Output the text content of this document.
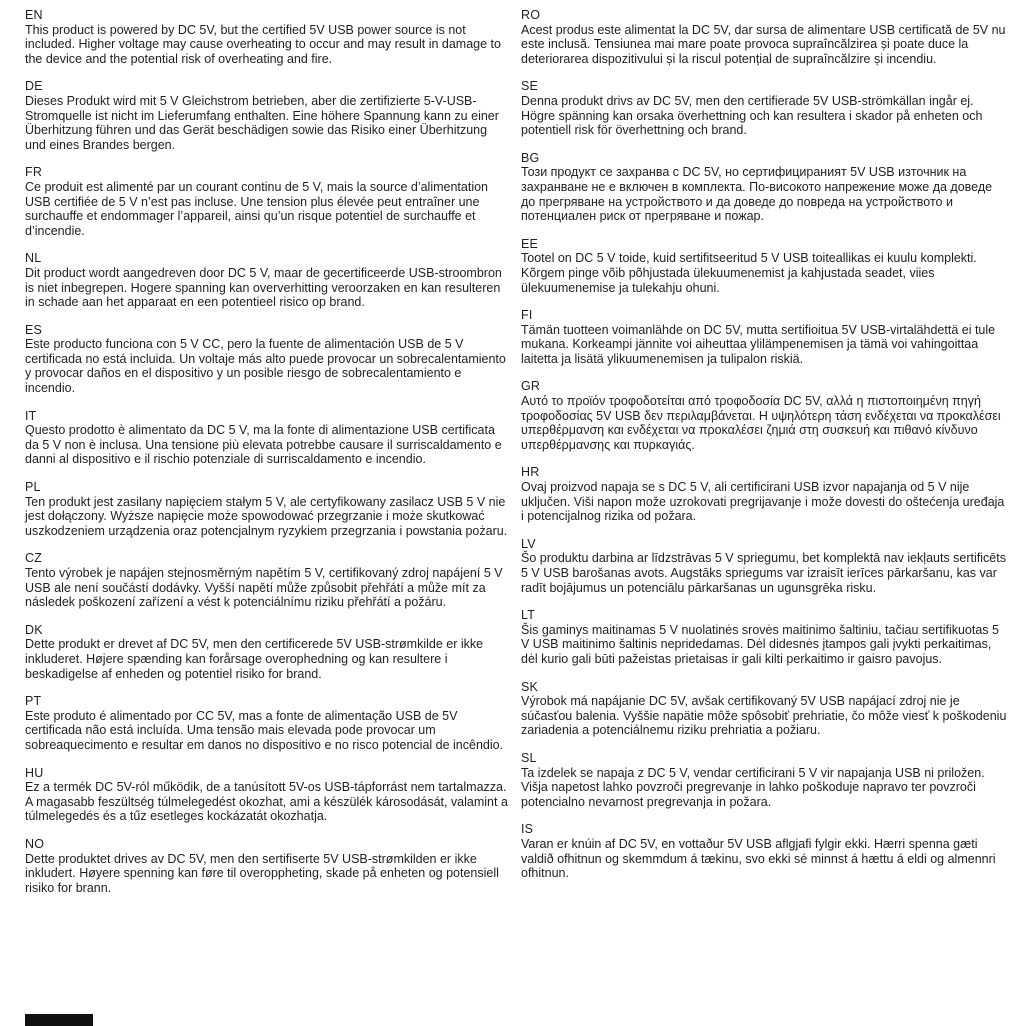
EN

This product is powered by DC 5V, but the certified 5V USB power source is not included. Higher voltage may cause overheating to occur and may result in damage to the device and the potential risk of overheating and fire.

DE

Dieses Produkt wird mit 5 V Gleichstrom betrieben, aber die zertifizierte 5-V-USB-Stromquelle ist nicht im Lieferumfang enthalten. Eine höhere Spannung kann zu einer Überhitzung führen und das Gerät beschädigen sowie das Risiko einer Überhitzung und eines Brandes bergen.

FR

Ce produit est alimenté par un courant continu de 5 V, mais la source d’alimentation USB certifiée de 5 V n’est pas incluse. Une tension plus élevée peut entraîner une surchauffe et endommager l’appareil, ainsi qu’un risque potentiel de surchauffe et d’incendie.

NL

Dit product wordt aangedreven door DC 5 V, maar de gecertificeerde USB-stroombron is niet inbegrepen. Hogere spanning kan oververhitting veroorzaken en kan resulteren in schade aan het apparaat en een potentieel risico op brand.

ES

Este producto funciona con 5 V CC, pero la fuente de alimentación USB de 5 V certificada no está incluida. Un voltaje más alto puede provocar un sobrecalentamiento y provocar daños en el dispositivo y un posible riesgo de sobrecalentamiento e incendio.

IT

Questo prodotto è alimentato da DC 5 V, ma la fonte di alimentazione USB certificata da 5 V non è inclusa. Una tensione più elevata potrebbe causare il surriscaldamento e danni al dispositivo e il rischio potenziale di surriscaldamento e incendio.

PL

Ten produkt jest zasilany napięciem stałym 5 V, ale certyfikowany zasilacz USB 5 V nie jest dołączony. Wyższe napięcie może spowodować przegrzanie i może skutkować uszkodzeniem urządzenia oraz potencjalnym ryzykiem przegrzania i powstania pożaru.

CZ

Tento výrobek je napájen stejnosměrným napětím 5 V, certifikovaný zdroj napájení 5 V USB ale není součástí dodávky. Vyšší napětí může způsobit přehřátí a může mít za následek poškození zařízení a vést k potenciálnímu riziku přehřátí a požáru.

DK

Dette produkt er drevet af DC 5V, men den certificerede 5V USB-strømkilde er ikke inkluderet. Højere spænding kan forårsage overophedning og kan resultere i beskadigelse af enheden og potentiel risiko for brand.

PT

Este produto é alimentado por CC 5V, mas a fonte de alimentação USB de 5V certificada não está incluída. Uma tensão mais elevada pode provocar um sobreaquecimento e resultar em danos no dispositivo e no risco potencial de incêndio.

HU

Ez a termék DC 5V-ról működik, de a tanúsított 5V-os USB-tápforrást nem tartalmazza. A magasabb feszültség túlmelegedést okozhat, ami a készülék károsodását, valamint a túlmelegedés és a tűz esetleges kockázatát okozhatja.

NO

Dette produktet drives av DC 5V, men den sertifiserte 5V USB-strømkilden er ikke inkludert. Høyere spenning kan føre til overoppheting, skade på enheten og potensiell risiko for brann.

RO

Acest produs este alimentat la DC 5V, dar sursa de alimentare USB certificată de 5V nu este inclusă. Tensiunea mai mare poate provoca supraîncălzirea și poate duce la deteriorarea dispozitivului și la riscul potențial de supraîncălzire și incendiu.

SE

Denna produkt drivs av DC 5V, men den certifierade 5V USB-strömkällan ingår ej. Högre spänning kan orsaka överhettning och kan resultera i skador på enheten och potentiell risk för överhettning och brand.

BG

Този продукт се захранва с DC 5V, но сертифицираният 5V USB източник на захранване не е включен в комплекта. По-високото напрежение може да доведе до прегряване на устройството и да доведе до повреда на устройството и потенциален риск от прегряване и пожар.

EE

Tootel on DC 5 V toide, kuid sertifitseeritud 5 V USB toiteallikas ei kuulu komplekti. Kõrgem pinge võib põhjustada ülekuumenemist ja kahjustada seadet, viies ülekuumenemise ja tulekahju ohuni.

FI

Tämän tuotteen voimanlähde on DC 5V, mutta sertifioitua 5V USB-virtalähdettä ei tule mukana. Korkeampi jännite voi aiheuttaa ylilämpenemisen ja tämä voi vahingoittaa laitetta ja lisätä ylikuumenemisen ja tulipalon riskiä.

GR

Αυτό το προϊόν τροφοδοτείται από τροφοδοσία DC 5V, αλλά η πιστοποιημένη πηγή τροφοδοσίας 5V USB δεν περιλαμβάνεται. Η υψηλότερη τάση ενδέχεται να προκαλέσει υπερθέρμανση και ενδέχεται να προκαλέσει ζημιά στη συσκευή και πιθανό κίνδυνο υπερθέρμανσης και πυρκαγιάς.

HR

Ovaj proizvod napaja se s DC 5 V, ali certificirani USB izvor napajanja od 5 V nije uključen. Viši napon može uzrokovati pregrijavanje i može dovesti do oštećenja uređaja i potencijalnog rizika od požara.

LV

Šo produktu darbina ar līdzstrāvas 5 V spriegumu, bet komplektā nav iekļauts sertificēts 5 V USB barošanas avots. Augstāks spriegums var izraisīt ierīces pārkaršanu, kas var radīt bojājumus un potenciālu pārkaršanas un ugunsgrēka risku.

LT

Šis gaminys maitinamas 5 V nuolatinės srovės maitinimo šaltiniu, tačiau sertifikuotas 5 V USB maitinimo šaltinis nepridedamas. Dėl didesnės įtampos gali įvykti perkaitimas, dėl kurio gali būti pažeistas prietaisas ir gali kilti perkaitimo ir gaisro pavojus.

SK

Výrobok má napájanie DC 5V, avšak certifikovaný 5V USB napájací zdroj nie je súčasťou balenia. Vyššie napätie môže spôsobiť prehriatie, čo môže viesť k poškodeniu zariadenia a potenciálnemu riziku prehriatia a požiaru.

SL

Ta izdelek se napaja z DC 5 V, vendar certificirani 5 V vir napajanja USB ni priložen. Višja napetost lahko povzroči pregrevanje in lahko poškoduje napravo ter povzroči potencialno nevarnost pregrevanja in požara.

IS

Varan er knúin af DC 5V, en vottaður 5V USB aflgjafi fylgir ekki. Hærri spenna gæti valdið ofhitnun og skemmdum á tækinu, svo ekki sé minnst á hættu á eldi og almennri ofhitnun.
